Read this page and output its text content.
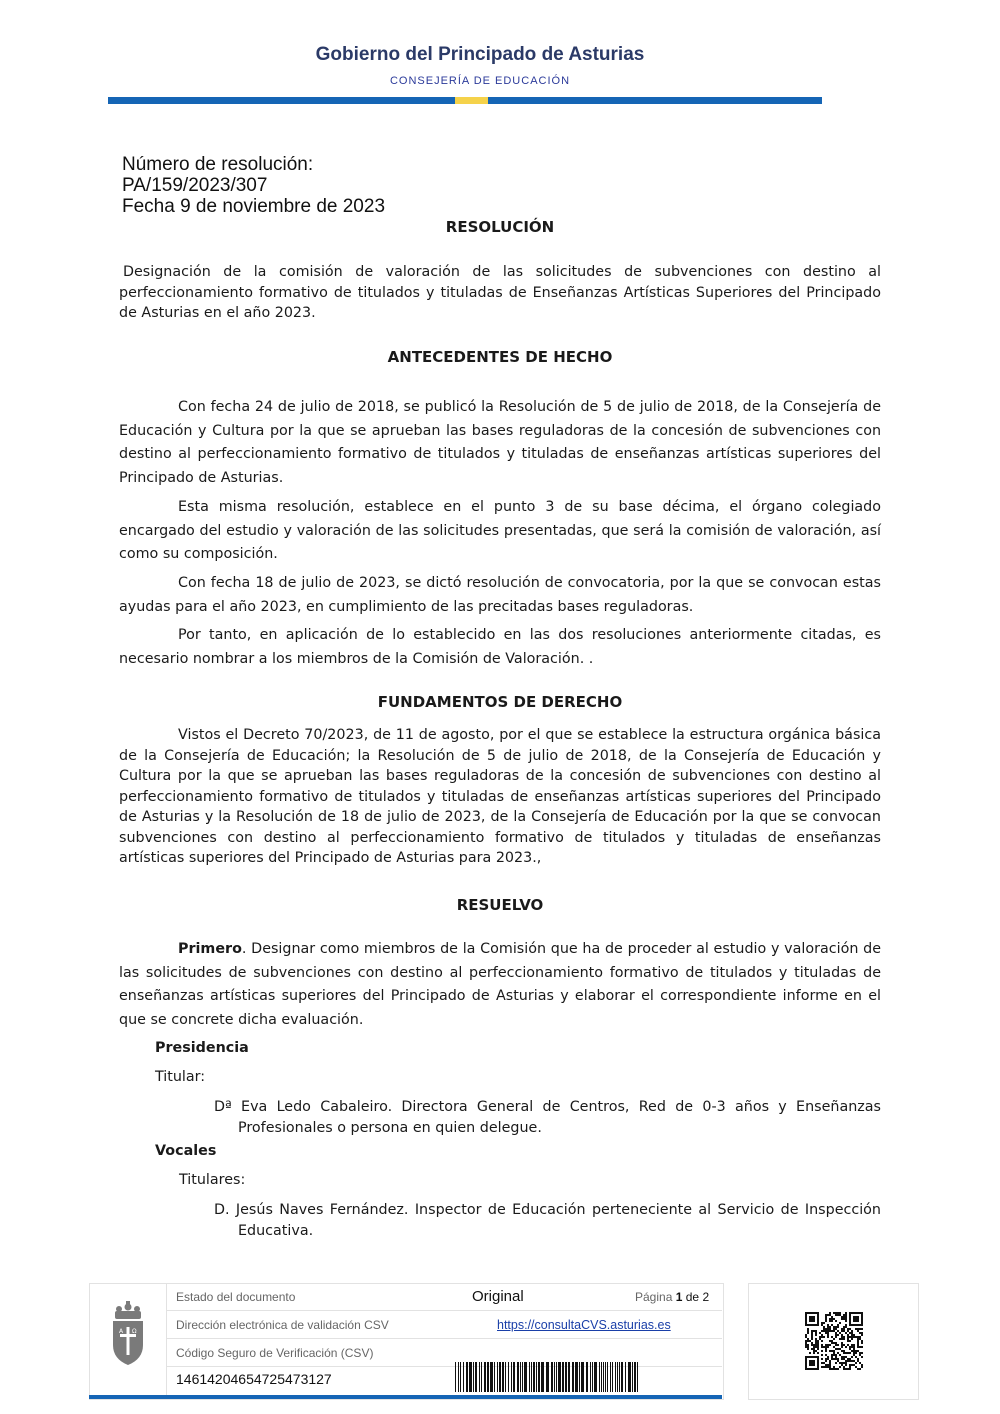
Gobierno del Principado de Asturias
CONSEJERÍA DE EDUCACIÓN
Número de resolución:
PA/159/2023/307
Fecha 9 de noviembre de 2023
RESOLUCIÓN
Designación de la comisión de valoración de las solicitudes de subvenciones con destino al perfeccionamiento formativo de titulados y tituladas de Enseñanzas Artísticas Superiores del Principado de Asturias en el año 2023.
ANTECEDENTES DE HECHO
Con fecha 24 de julio de 2018, se publicó la Resolución de 5 de julio de 2018, de la Consejería de Educación y Cultura por la que se aprueban las bases reguladoras de la concesión de subvenciones con destino al perfeccionamiento formativo de titulados y tituladas de enseñanzas artísticas superiores del Principado de Asturias.
Esta misma resolución, establece en el punto 3 de su base décima, el órgano colegiado encargado del estudio y valoración de las solicitudes presentadas, que será la comisión de valoración, así como su composición.
Con fecha 18 de julio de 2023, se dictó resolución de convocatoria, por la que se convocan estas ayudas para el año 2023, en cumplimiento de las precitadas bases reguladoras.
Por tanto, en aplicación de lo establecido en las dos resoluciones anteriormente citadas, es necesario nombrar a los miembros de la Comisión de Valoración. .
FUNDAMENTOS DE DERECHO
Vistos el Decreto 70/2023, de 11 de agosto, por el que se establece la estructura orgánica básica de la Consejería de Educación; la Resolución de 5 de julio de 2018, de la Consejería de Educación y Cultura por la que se aprueban las bases reguladoras de la concesión de subvenciones con destino al perfeccionamiento formativo de titulados y tituladas de enseñanzas artísticas superiores del Principado de Asturias y la Resolución de 18 de julio de 2023, de la Consejería de Educación por la que se convocan subvenciones con destino al perfeccionamiento formativo de titulados y tituladas de enseñanzas artísticas superiores del Principado de Asturias para 2023.,
RESUELVO
Primero. Designar como miembros de la Comisión que ha de proceder al estudio y valoración de las solicitudes de subvenciones con destino al perfeccionamiento formativo de titulados y tituladas de enseñanzas artísticas superiores del Principado de Asturias y elaborar el correspondiente informe en el que se concrete dicha evaluación.
Presidencia
Titular:
Dª Eva Ledo Cabaleiro. Directora General de Centros, Red de 0-3 años y Enseñanzas Profesionales o persona en quien delegue.
Vocales
Titulares:
D. Jesús Naves Fernández. Inspector de Educación perteneciente al Servicio de Inspección Educativa.
A Ω
Estado del documento	Original	Página 1 de 2
Dirección electrónica de validación CSV	https://consultaCVS.asturias.es
Código Seguro de Verificación (CSV)
14614204654725473127
